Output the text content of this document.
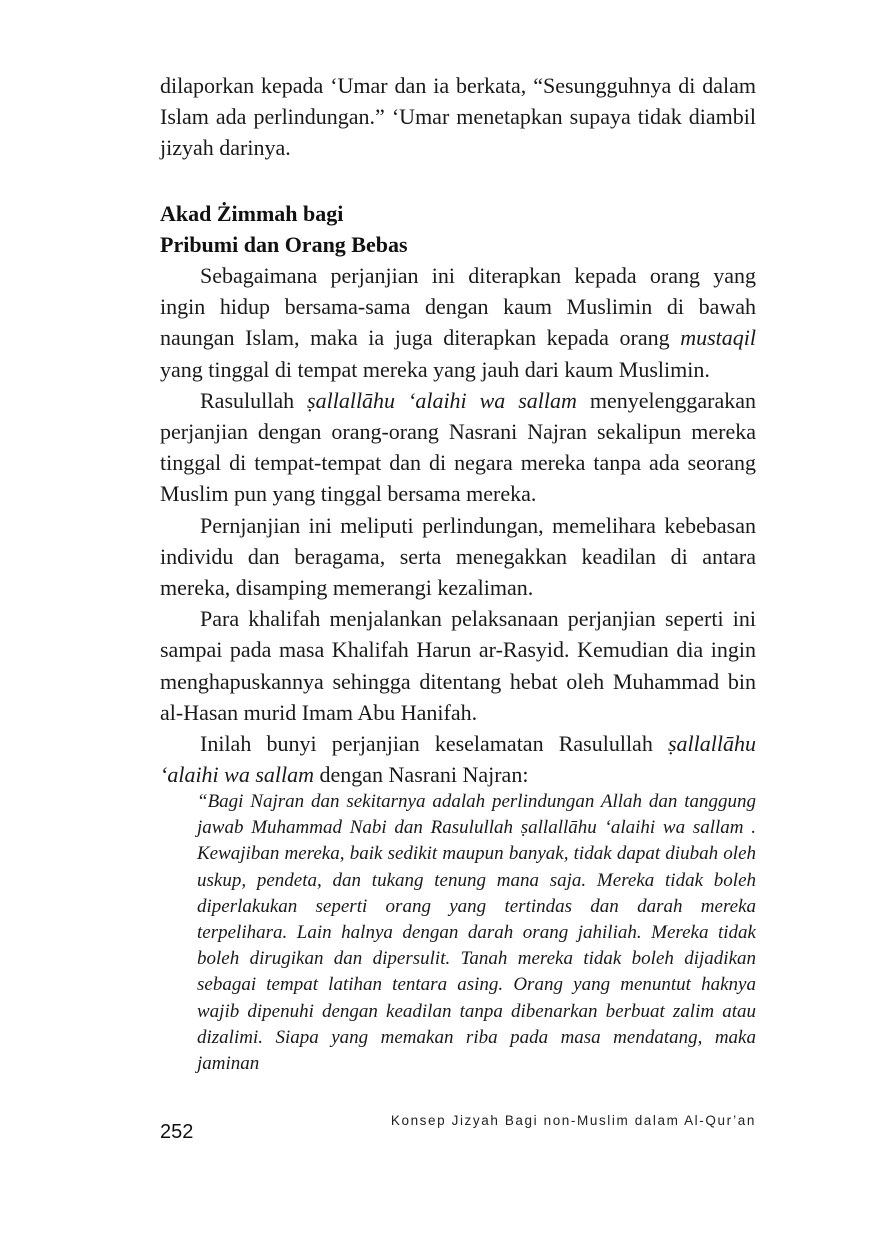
dilaporkan kepada ‘Umar dan ia berkata, “Sesungguhnya di dalam Islam ada perlindungan.” ‘Umar menetapkan supaya tidak diambil jizyah darinya.

Akad Żimmah bagi
Pribumi dan Orang Bebas

Sebagaimana perjanjian ini diterapkan kepada orang yang ingin hidup bersama-sama dengan kaum Muslimin di bawah naungan Islam, maka ia juga diterapkan kepada orang mustaqil yang tinggal di tempat mereka yang jauh dari kaum Muslimin.

Rasulullah ṣallallāhu ‘alaihi wa sallam menyelenggarakan perjanjian dengan orang-orang Nasrani Najran sekalipun mereka tinggal di tempat-tempat dan di negara mereka tanpa ada seorang Muslim pun yang tinggal bersama mereka.

Pernjanjian ini meliputi perlindungan, memelihara kebebasan individu dan beragama, serta menegakkan keadilan di antara mereka, disamping memerangi kezaliman.

Para khalifah menjalankan pelaksanaan perjanjian seperti ini sampai pada masa Khalifah Harun ar-Rasyid. Kemudian dia ingin menghapuskannya sehingga ditentang hebat oleh Muhammad bin al-Hasan murid Imam Abu Hanifah.

Inilah bunyi perjanjian keselamatan Rasulullah ṣallallāhu ‘alaihi wa sallam dengan Nasrani Najran:

“Bagi Najran dan sekitarnya adalah perlindungan Allah dan tanggung jawab Muhammad Nabi dan Rasulullah ṣallallāhu ‘alaihi wa sallam . Kewajiban mereka, baik sedikit maupun banyak, tidak dapat diubah oleh uskup, pendeta, dan tukang tenung mana saja. Mereka tidak boleh diperlakukan seperti orang yang tertindas dan darah mereka terpelihara. Lain halnya dengan darah orang jahiliah. Mereka tidak boleh dirugikan dan dipersulit. Tanah mereka tidak boleh dijadikan sebagai tempat latihan tentara asing. Orang yang menuntut haknya wajib dipenuhi dengan keadilan tanpa dibenarkan berbuat zalim atau dizalimi. Siapa yang memakan riba pada masa mendatang, maka jaminan

Konsep Jizyah Bagi non-Muslim dalam Al-Qur’an
252
